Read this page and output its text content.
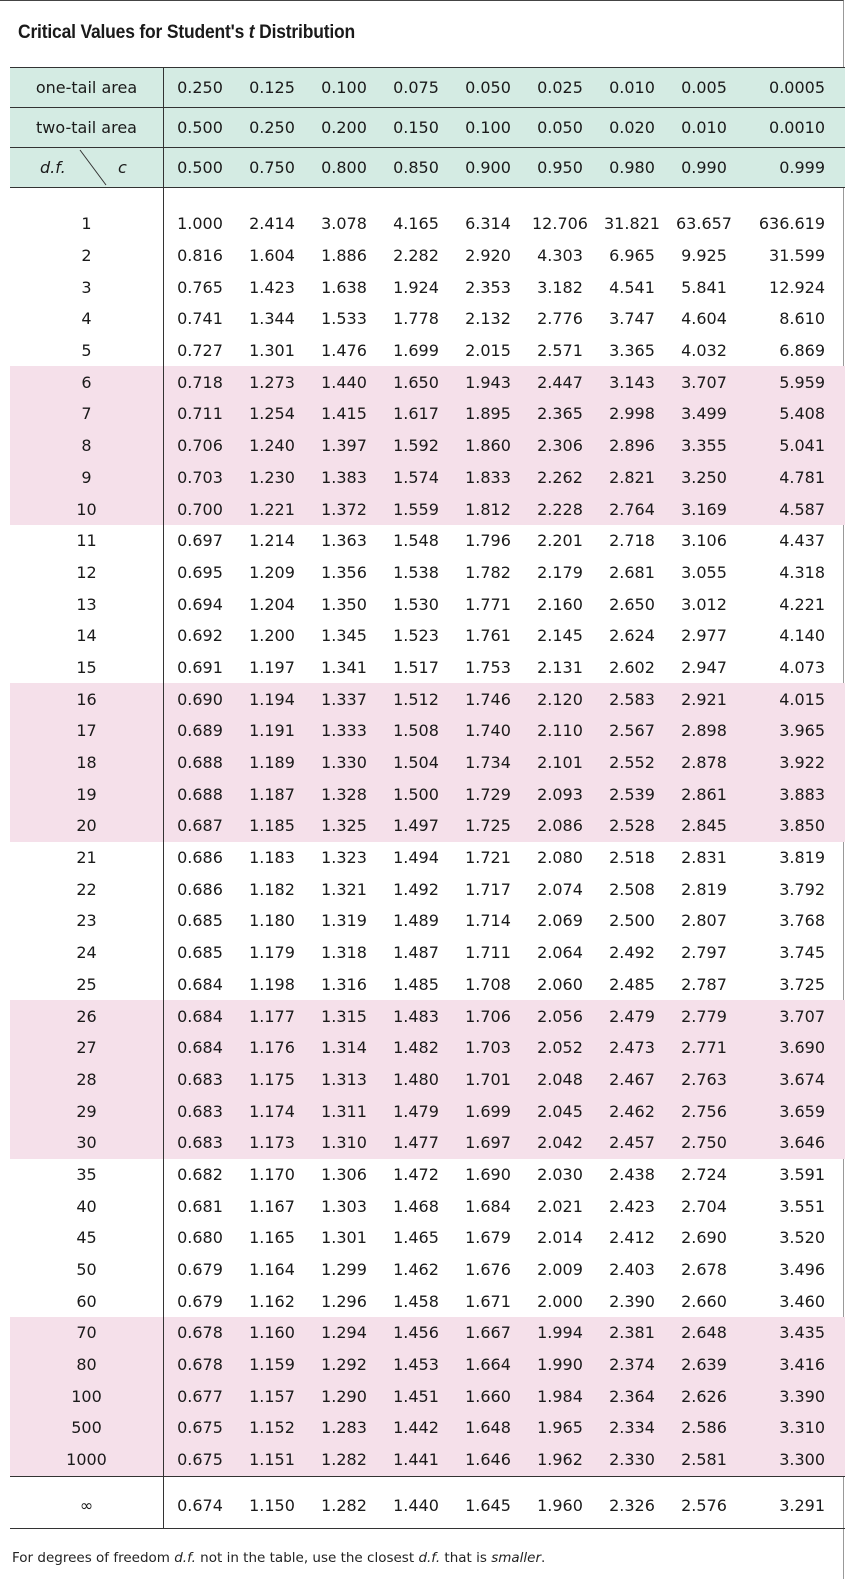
Critical Values for Student's t Distribution
one-tail area	0.250	0.125	0.100	0.075	0.050	0.025	0.010	0.005	0.0005
two-tail area	0.500	0.250	0.200	0.150	0.100	0.050	0.020	0.010	0.0010
d.f.	c	0.500	0.750	0.800	0.850	0.900	0.950	0.980	0.990	0.999
1	1.000	2.414	3.078	4.165	6.314	12.706	31.821	63.657	636.619
2	0.816	1.604	1.886	2.282	2.920	4.303	6.965	9.925	31.599
3	0.765	1.423	1.638	1.924	2.353	3.182	4.541	5.841	12.924
4	0.741	1.344	1.533	1.778	2.132	2.776	3.747	4.604	8.610
5	0.727	1.301	1.476	1.699	2.015	2.571	3.365	4.032	6.869
6	0.718	1.273	1.440	1.650	1.943	2.447	3.143	3.707	5.959
7	0.711	1.254	1.415	1.617	1.895	2.365	2.998	3.499	5.408
8	0.706	1.240	1.397	1.592	1.860	2.306	2.896	3.355	5.041
9	0.703	1.230	1.383	1.574	1.833	2.262	2.821	3.250	4.781
10	0.700	1.221	1.372	1.559	1.812	2.228	2.764	3.169	4.587
11	0.697	1.214	1.363	1.548	1.796	2.201	2.718	3.106	4.437
12	0.695	1.209	1.356	1.538	1.782	2.179	2.681	3.055	4.318
13	0.694	1.204	1.350	1.530	1.771	2.160	2.650	3.012	4.221
14	0.692	1.200	1.345	1.523	1.761	2.145	2.624	2.977	4.140
15	0.691	1.197	1.341	1.517	1.753	2.131	2.602	2.947	4.073
16	0.690	1.194	1.337	1.512	1.746	2.120	2.583	2.921	4.015
17	0.689	1.191	1.333	1.508	1.740	2.110	2.567	2.898	3.965
18	0.688	1.189	1.330	1.504	1.734	2.101	2.552	2.878	3.922
19	0.688	1.187	1.328	1.500	1.729	2.093	2.539	2.861	3.883
20	0.687	1.185	1.325	1.497	1.725	2.086	2.528	2.845	3.850
21	0.686	1.183	1.323	1.494	1.721	2.080	2.518	2.831	3.819
22	0.686	1.182	1.321	1.492	1.717	2.074	2.508	2.819	3.792
23	0.685	1.180	1.319	1.489	1.714	2.069	2.500	2.807	3.768
24	0.685	1.179	1.318	1.487	1.711	2.064	2.492	2.797	3.745
25	0.684	1.198	1.316	1.485	1.708	2.060	2.485	2.787	3.725
26	0.684	1.177	1.315	1.483	1.706	2.056	2.479	2.779	3.707
27	0.684	1.176	1.314	1.482	1.703	2.052	2.473	2.771	3.690
28	0.683	1.175	1.313	1.480	1.701	2.048	2.467	2.763	3.674
29	0.683	1.174	1.311	1.479	1.699	2.045	2.462	2.756	3.659
30	0.683	1.173	1.310	1.477	1.697	2.042	2.457	2.750	3.646
35	0.682	1.170	1.306	1.472	1.690	2.030	2.438	2.724	3.591
40	0.681	1.167	1.303	1.468	1.684	2.021	2.423	2.704	3.551
45	0.680	1.165	1.301	1.465	1.679	2.014	2.412	2.690	3.520
50	0.679	1.164	1.299	1.462	1.676	2.009	2.403	2.678	3.496
60	0.679	1.162	1.296	1.458	1.671	2.000	2.390	2.660	3.460
70	0.678	1.160	1.294	1.456	1.667	1.994	2.381	2.648	3.435
80	0.678	1.159	1.292	1.453	1.664	1.990	2.374	2.639	3.416
100	0.677	1.157	1.290	1.451	1.660	1.984	2.364	2.626	3.390
500	0.675	1.152	1.283	1.442	1.648	1.965	2.334	2.586	3.310
1000	0.675	1.151	1.282	1.441	1.646	1.962	2.330	2.581	3.300
∞	0.674	1.150	1.282	1.440	1.645	1.960	2.326	2.576	3.291
For degrees of freedom d.f. not in the table, use the closest d.f. that is smaller.
